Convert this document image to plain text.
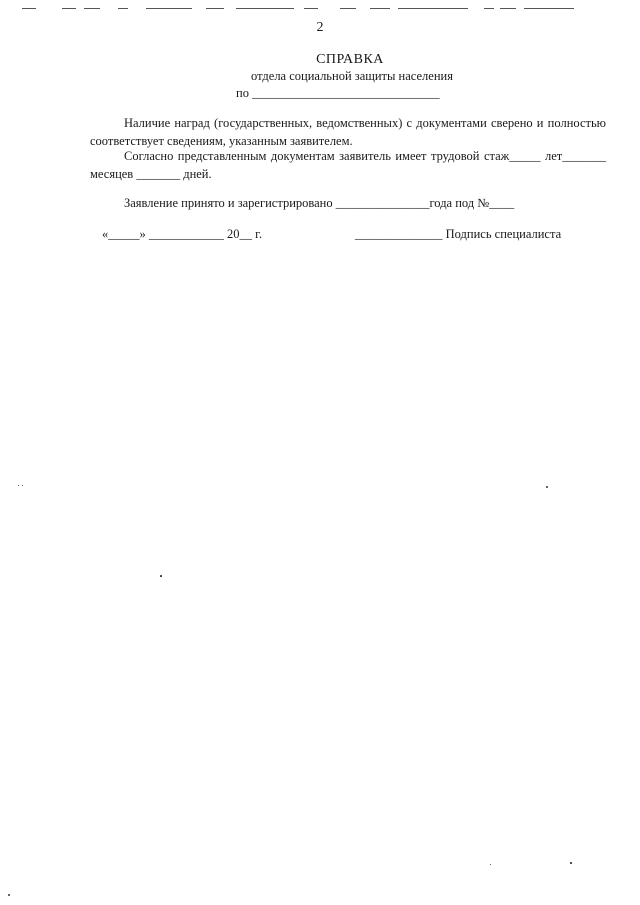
2
СПРАВКА
отдела социальной защиты населения
по ______________________________
Наличие наград (государственных, ведомственных) с документами сверено и полностью соответствует сведениям, указанным заявителем.
Согласно представленным документам заявитель имеет трудовой стаж_____ лет_______ месяцев _______ дней.
Заявление принято и зарегистрировано _______________года под №____
«_____» ____________ 20__ г.	______________ Подпись специалиста
